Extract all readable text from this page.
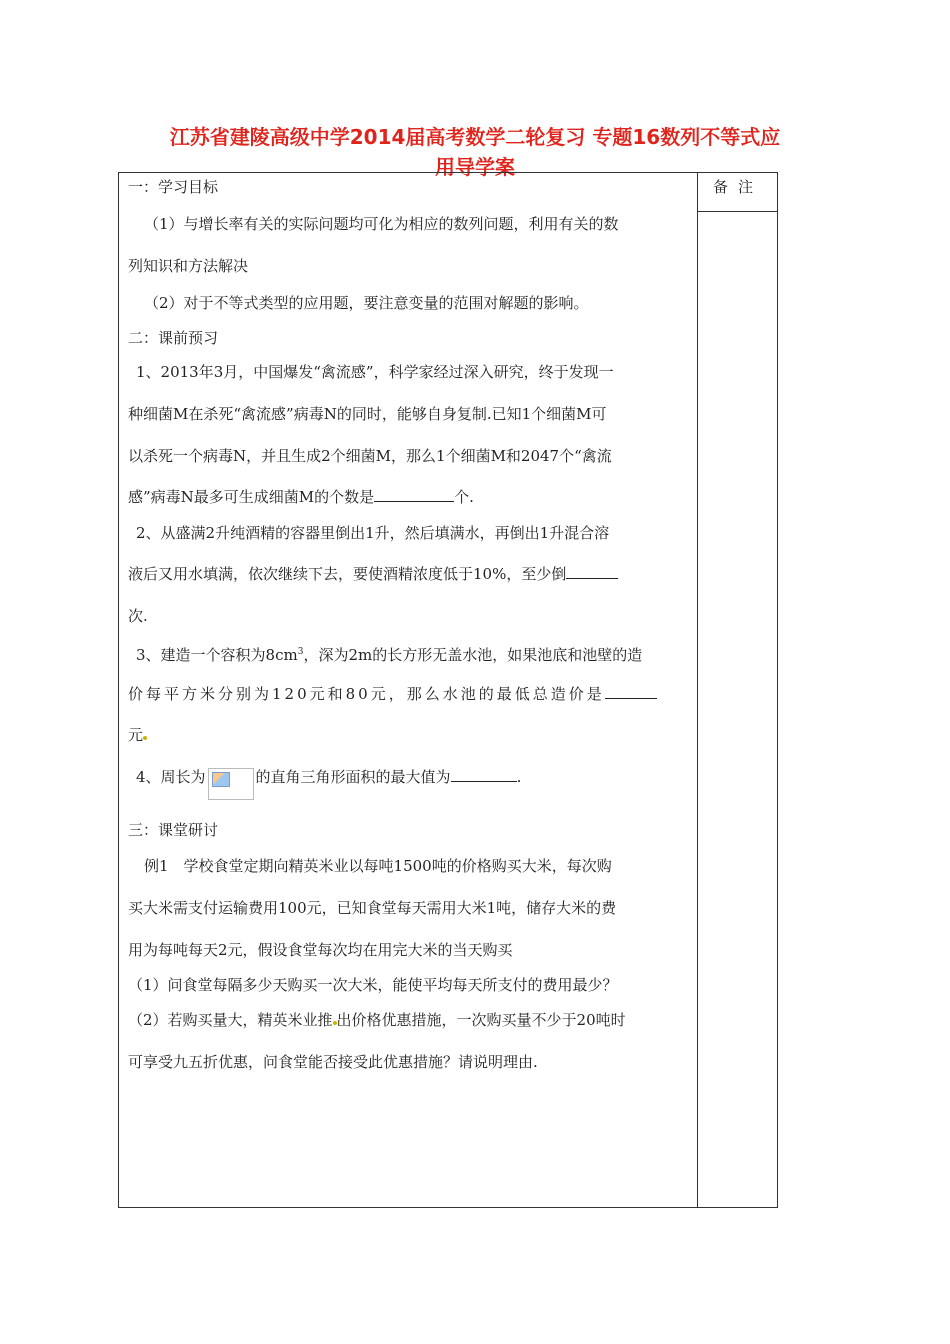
江苏省建陵高级中学2014届高考数学二轮复习 专题16数列不等式应
用导学案
备注
一：学习目标
（1）与增长率有关的实际问题均可化为相应的数列问题，利用有关的数
列知识和方法解决
（2）对于不等式类型的应用题，要注意变量的范围对解题的影响。
二：课前预习
1、2013年3月，中国爆发“禽流感”，科学家经过深入研究，终于发现一
种细菌M在杀死“禽流感”病毒N的同时，能够自身复制.已知1个细菌M可
以杀死一个病毒N，并且生成2个细菌M，那么1个细菌M和2047个“禽流
感”病毒N最多可生成细菌M的个数是	个.
2、从盛满2升纯酒精的容器里倒出1升，然后填满水，再倒出1升混合溶
液后又用水填满，依次继续下去，要使酒精浓度低于10%，至少倒
次.
3、建造一个容积为$8cm^3$，深为2m的长方形无盖水池，如果池底和池壁的造
价每平方米分别为120元和80元，那么水池的最低总造价是
元
4、周长为	的直角三角形面积的最大值为	.
三：课堂研讨
例1　学校食堂定期向精英米业以每吨1500吨的价格购买大米，每次购
买大米需支付运输费用100元，已知食堂每天需用大米1吨，储存大米的费
用为每吨每天2元，假设食堂每次均在用完大米的当天购买
（1）问食堂每隔多少天购买一次大米，能使平均每天所支付的费用最少？
（2）若购买量大，精英米业推 出价格优惠措施，一次购买量不少于20吨时
可享受九五折优惠，问食堂能否接受此优惠措施？请说明理由.
